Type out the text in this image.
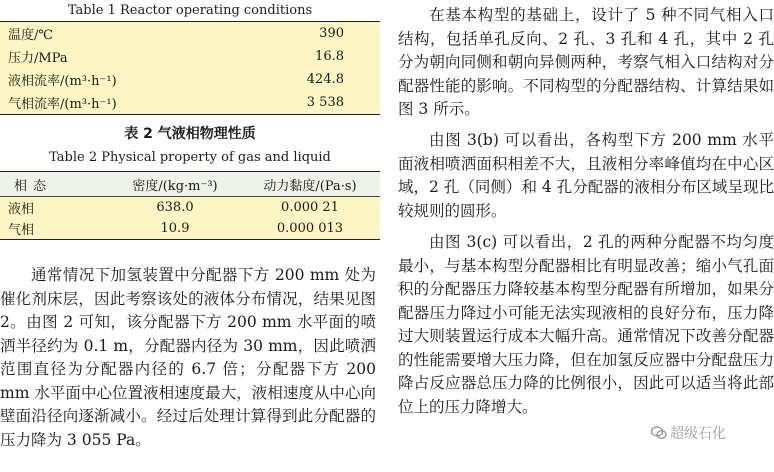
Table 1 Reactor operating conditions
温度/℃	390
压力/MPa	16.8
液相流率/(m³·h⁻¹)	424.8
气相流率/(m³·h⁻¹)	3 538
表 2 气液相物理性质
Table 2 Physical property of gas and liquid
相态	密度/(kg·m⁻³)	动力黏度/(Pa·s)
液相	638.0	0.000 21
气相	10.9	0.000 013

通常情况下加氢装置中分配器下方 200 mm 处为催化剂床层，因此考察该处的液体分布情况，结果见图 2。由图 2 可知，该分配器下方 200 mm 水平面的喷洒半径约为 0.1 m，分配器内径为 30 mm，因此喷洒范围直径为分配器内径的 6.7 倍；分配器下方 200 mm 水平面中心位置液相速度最大，液相速度从中心向壁面沿径向逐渐减小。经过后处理计算得到此分配器的压力降为 3 055 Pa。

在基本构型的基础上，设计了 5 种不同气相入口结构，包括单孔反向、2 孔、3 孔和 4 孔，其中 2 孔分为朝向同侧和朝向异侧两种，考察气相入口结构对分配器性能的影响。不同构型的分配器结构、计算结果如图 3 所示。

由图 3(b) 可以看出，各构型下方 200 mm 水平面液相喷洒面积相差不大，且液相分率峰值均在中心区域，2 孔（同侧）和 4 孔分配器的液相分布区域呈现比较规则的圆形。

由图 3(c) 可以看出，2 孔的两种分配器不均匀度最小，与基本构型分配器相比有明显改善；缩小气孔面积的分配器压力降较基本构型分配器有所增加，如果分配器压力降过小可能无法实现液相的良好分布，压力降过大则装置运行成本大幅升高。通常情况下改善分配器的性能需要增大压力降，但在加氢反应器中分配盘压力降占反应器总压力降的比例很小，因此可以适当将此部位上的压力降增大。

超级石化
